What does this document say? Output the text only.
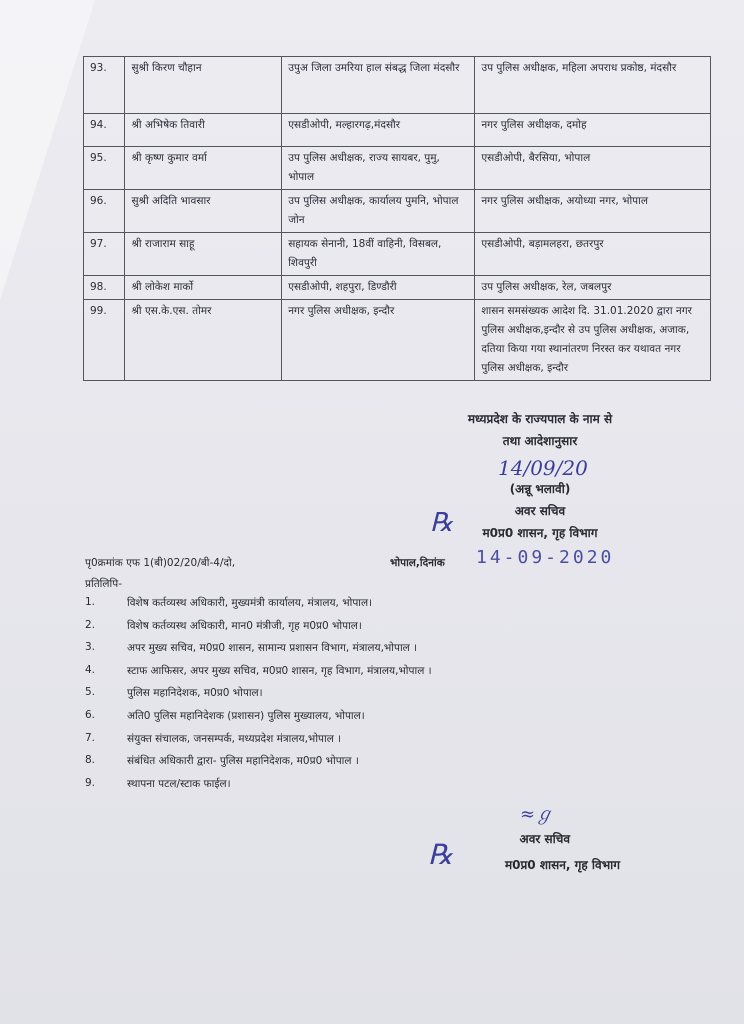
93.	सुश्री किरण चौहान	उपुअ जिला उमरिया हाल संबद्ध जिला मंदसौर	उप पुलिस अधीक्षक, महिला अपराध प्रकोष्ठ, मंदसौर
94.	श्री अभिषेक तिवारी	एसडीओपी, मल्हारगढ़,मंदसौर	नगर पुलिस अधीक्षक, दमोह
95.	श्री कृष्ण कुमार वर्मा	उप पुलिस अधीक्षक, राज्य सायबर, पुमु, भोपाल	एसडीओपी, बैरसिया, भोपाल
96.	सुश्री अदिति भावसार	उप पुलिस अधीक्षक, कार्यालय पुमनि, भोपाल जोन	नगर पुलिस अधीक्षक, अयोध्या नगर, भोपाल
97.	श्री राजाराम साहू	सहायक सेनानी, 18वीं वाहिनी, विसबल, शिवपुरी	एसडीओपी, बड़ामलहरा, छतरपुर
98.	श्री लोकेश मार्को	एसडीओपी, शहपुरा, डिण्डौरी	उप पुलिस अधीक्षक, रेल, जबलपुर
99.	श्री एस.के.एस. तोमर	नगर पुलिस अधीक्षक, इन्दौर	शासन समसंख्यक आदेश दि. 31.01.2020 द्वारा नगर पुलिस अधीक्षक,इन्दौर से उप पुलिस अधीक्षक, अजाक, दतिया किया गया स्थानांतरण निरस्त कर यथावत नगर पुलिस अधीक्षक, इन्दौर
मध्यप्रदेश के राज्यपाल के नाम से
तथा आदेशानुसार
(अन्नू भलावी)
अवर सचिव
म0प्र0 शासन, गृह विभाग
14/09/20
℞
पृ0क्रमांक एफ 1(बी)02/20/बी-4/दो,	भोपाल,दिनांक 14-09-2020
प्रतिलिपि-
1.	विशेष कर्तव्यस्थ अधिकारी, मुख्यमंत्री कार्यालय, मंत्रालय, भोपाल।
2.	विशेष कर्तव्यस्थ अधिकारी, मान0 मंत्रीजी, गृह म0प्र0 भोपाल।
3.	अपर मुख्य सचिव, म0प्र0 शासन, सामान्य प्रशासन विभाग, मंत्रालय,भोपाल ।
4.	स्टाफ आफिसर, अपर मुख्य सचिव, म0प्र0 शासन, गृह विभाग, मंत्रालय,भोपाल ।
5.	पुलिस महानिदेशक, म0प्र0 भोपाल।
6.	अति0 पुलिस महानिदेशक (प्रशासन) पुलिस मुख्यालय, भोपाल।
7.	संयुक्त संचालक, जनसम्पर्क, मध्यप्रदेश मंत्रालय,भोपाल ।
8.	संबंधित अधिकारी द्वारा- पुलिस महानिदेशक, म0प्र0 भोपाल ।
9.	स्थापना पटल/स्टाक फाईल।
≈ℊ
℞	अवर सचिव
म0प्र0 शासन, गृह विभाग
